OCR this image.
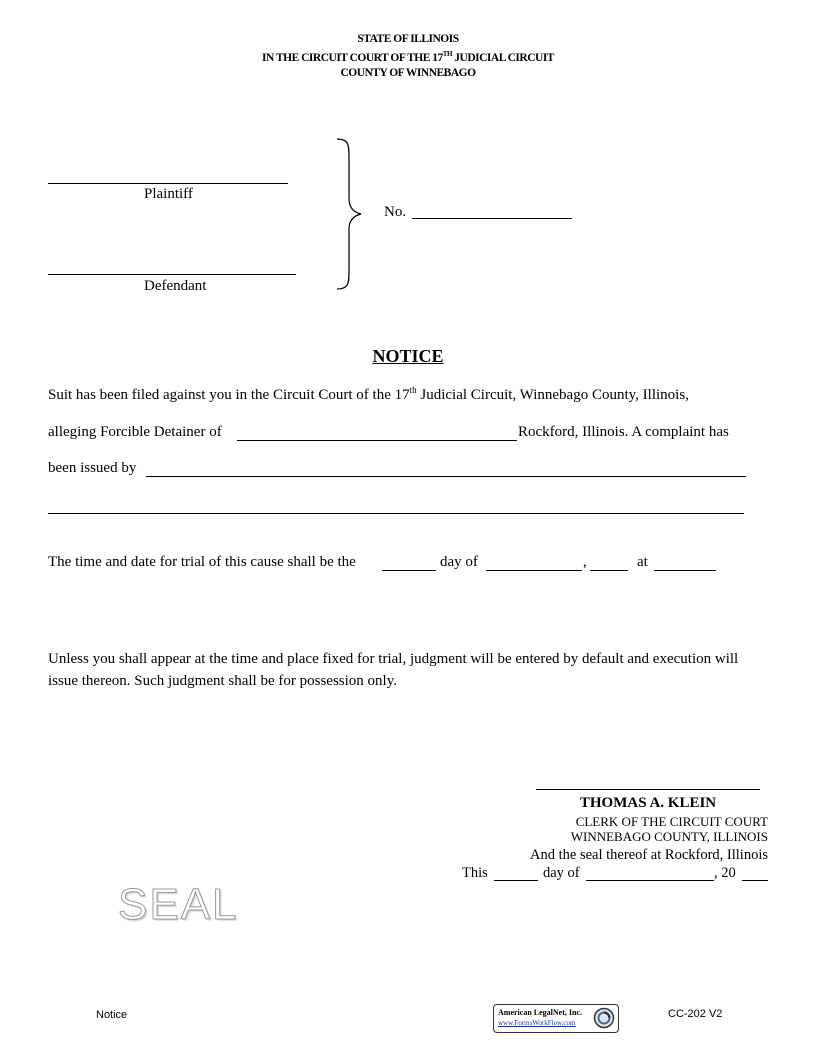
STATE OF ILLINOIS
IN THE CIRCUIT COURT OF THE 17TH JUDICIAL CIRCUIT
COUNTY OF WINNEBAGO
Plaintiff
Defendant
No.
NOTICE
Suit has been filed against you in the Circuit Court of the 17th Judicial Circuit, Winnebago County, Illinois,
alleging Forcible Detainer of	Rockford, Illinois. A complaint has
been issued by
The time and date for trial of this cause shall be the	day of	,	at
Unless you shall appear at the time and place fixed for trial, judgment will be entered by default and execution will issue thereon. Such judgment shall be for possession only.
THOMAS A. KLEIN
CLERK OF THE CIRCUIT COURT
WINNEBAGO COUNTY, ILLINOIS
And the seal thereof at Rockford, Illinois
This	day of	, 20
SEAL
Notice	American LegalNet, Inc.
www.FormsWorkFlow.com
CC-202 V2
